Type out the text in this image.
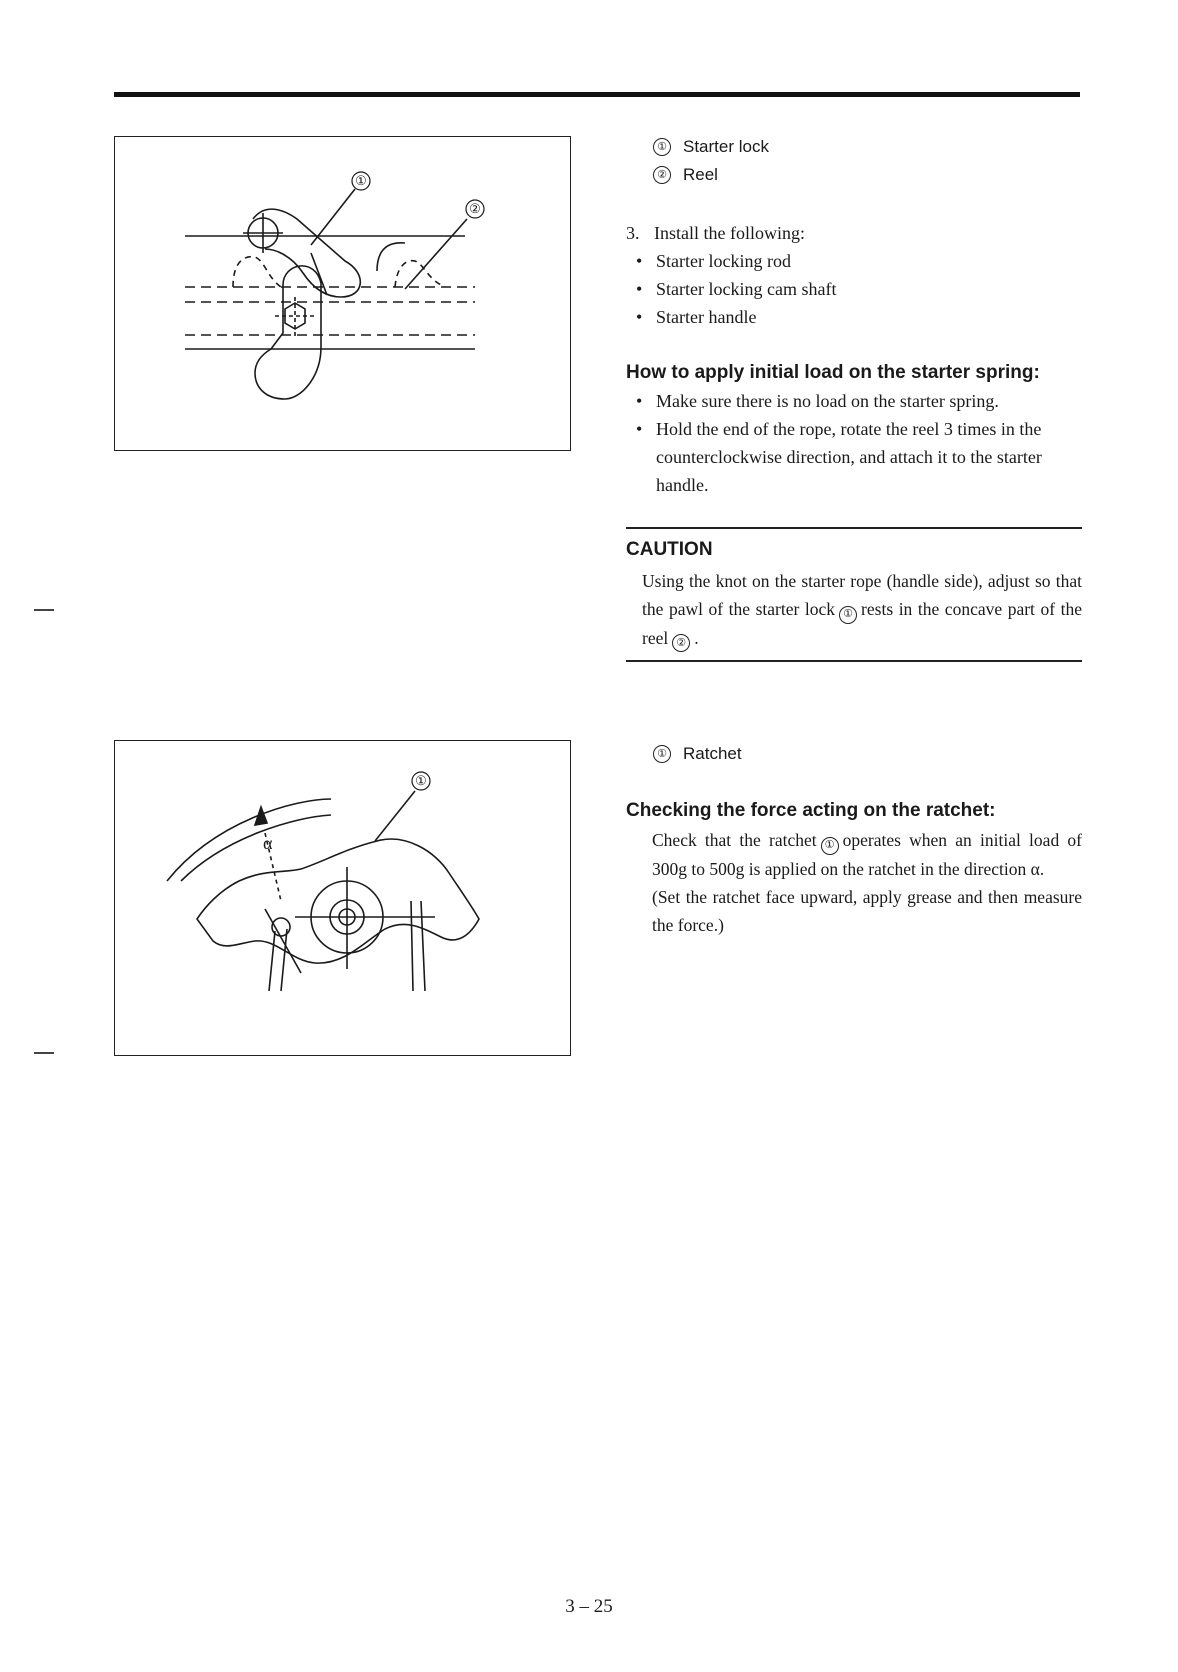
①
②
① Starter lock
② Reel
3. Install the following:
• Starter locking rod
• Starter locking cam shaft
• Starter handle
How to apply initial load on the starter spring:
• Make sure there is no load on the starter spring.
• Hold the end of the rope, rotate the reel 3 times in the counterclockwise direction, and attach it to the starter handle.
CAUTION
Using the knot on the starter rope (handle side), adjust so that the pawl of the starter lock ① rests in the concave part of the reel ② .
①
α
① Ratchet
Checking the force acting on the ratchet:
Check that the ratchet ① operates when an initial load of 300g to 500g is applied on the ratchet in the direction α.
(Set the ratchet face upward, apply grease and then measure the force.)
3 – 25
